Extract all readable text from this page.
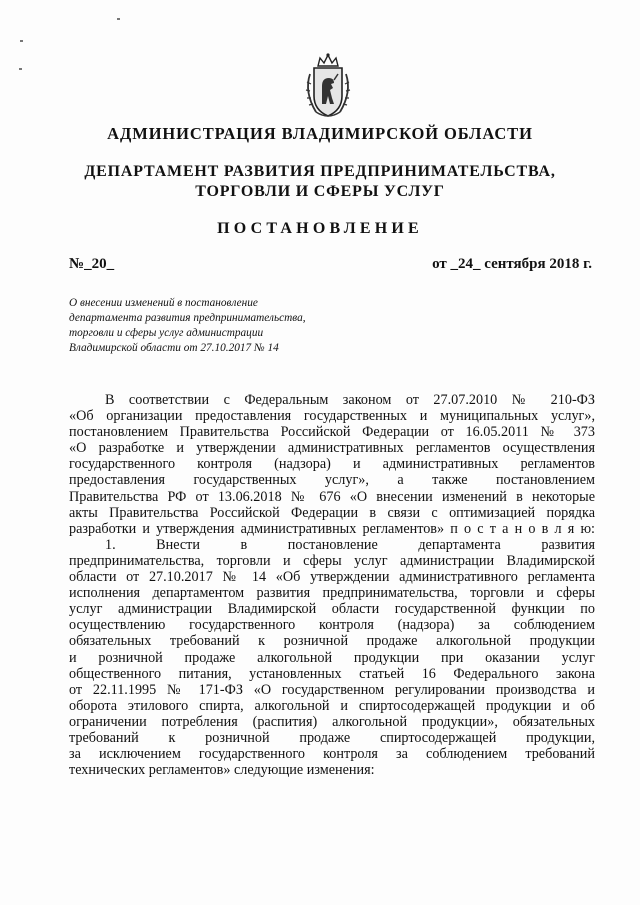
АДМИНИСТРАЦИЯ ВЛАДИМИРСКОЙ ОБЛАСТИ
ДЕПАРТАМЕНТ РАЗВИТИЯ ПРЕДПРИНИМАТЕЛЬСТВА,
ТОРГОВЛИ И СФЕРЫ УСЛУГ
ПОСТАНОВЛЕНИЕ
№_20_	от _24_ сентября 2018 г.
О внесении изменений в постановление
департамента развития предпринимательства,
торговли и сферы услуг администрации
Владимирской области от 27.10.2017 № 14
В соответствии с Федеральным законом от 27.07.2010 № 210-ФЗ
«Об организации предоставления государственных и муниципальных услуг»,
постановлением Правительства Российской Федерации от 16.05.2011 № 373
«О разработке и утверждении административных регламентов осуществления
государственного контроля (надзора) и административных регламентов
предоставления государственных услуг», а также постановлением
Правительства РФ от 13.06.2018 № 676 «О внесении изменений в некоторые
акты Правительства Российской Федерации в связи с оптимизацией порядка
разработки и утверждения административных регламентов» п о с т а н о в л я ю:
1. Внести в постановление департамента развития
предпринимательства, торговли и сферы услуг администрации Владимирской
области от 27.10.2017 № 14 «Об утверждении административного регламента
исполнения департаментом развития предпринимательства, торговли и сферы
услуг администрации Владимирской области государственной функции по
осуществлению государственного контроля (надзора) за соблюдением
обязательных требований к розничной продаже алкогольной продукции
и розничной продаже алкогольной продукции при оказании услуг
общественного питания, установленных статьей 16 Федерального закона
от 22.11.1995 № 171-ФЗ «О государственном регулировании производства и
оборота этилового спирта, алкогольной и спиртосодержащей продукции и об
ограничении потребления (распития) алкогольной продукции», обязательных
требований к розничной продаже спиртосодержащей продукции,
за исключением государственного контроля за соблюдением требований
технических регламентов» следующие изменения:
